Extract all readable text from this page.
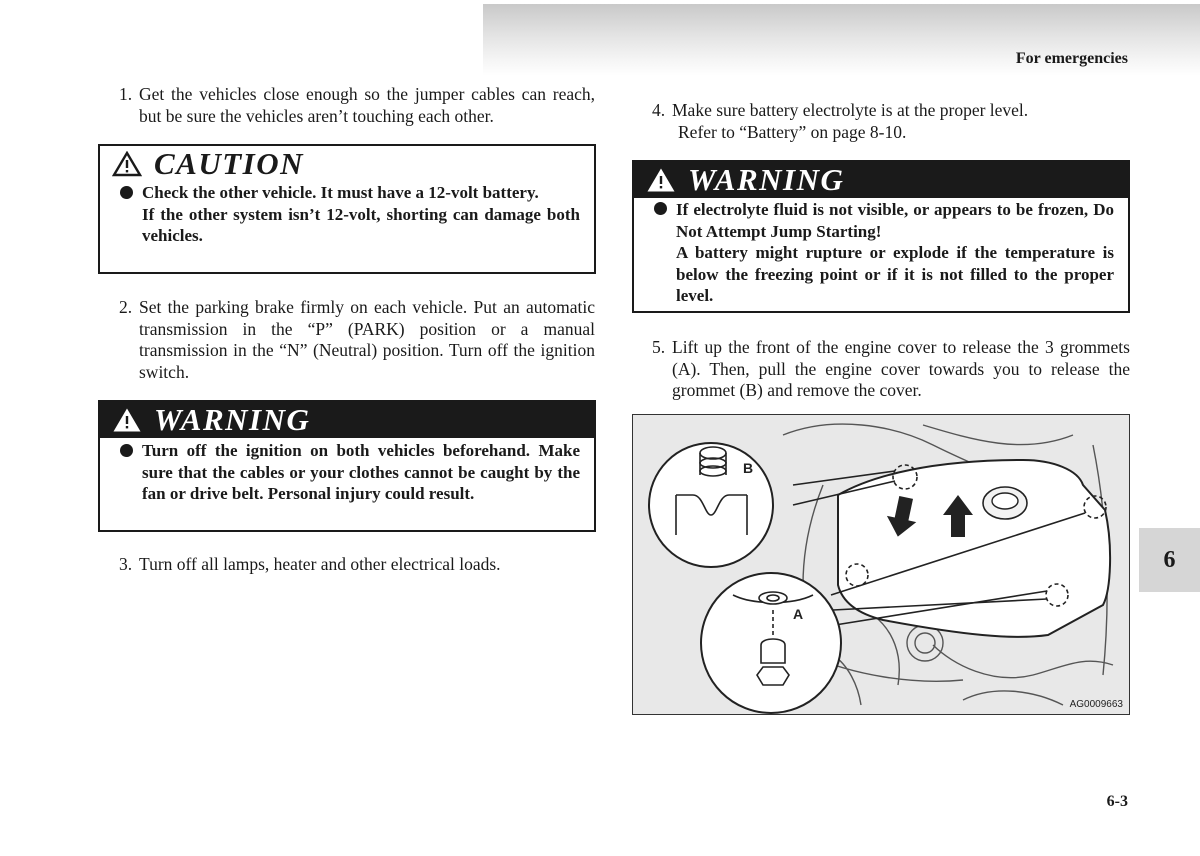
For emergencies
1. Get the vehicles close enough so the jumper cables can reach, but be sure the vehicles aren’t touching each other.
CAUTION
Check the other vehicle. It must have a 12-volt battery.
If the other system isn’t 12-volt, shorting can damage both vehicles.
2. Set the parking brake firmly on each vehicle. Put an automatic transmission in the “P” (PARK) position or a manual transmission in the “N” (Neutral) position. Turn off the ignition switch.
WARNING
Turn off the ignition on both vehicles beforehand. Make sure that the cables or your clothes cannot be caught by the fan or drive belt. Personal injury could result.
3. Turn off all lamps, heater and other electrical loads.
4. Make sure battery electrolyte is at the proper level.
Refer to “Battery” on page 8-10.
WARNING
If electrolyte fluid is not visible, or appears to be frozen, Do Not Attempt Jump Starting!
A battery might rupture or explode if the temperature is below the freezing point or if it is not filled to the proper level.
5. Lift up the front of the engine cover to release the 3 grommets (A). Then, pull the engine cover towards you to release the grommet (B) and remove the cover.
B
A
AG0009663
6
6-3
